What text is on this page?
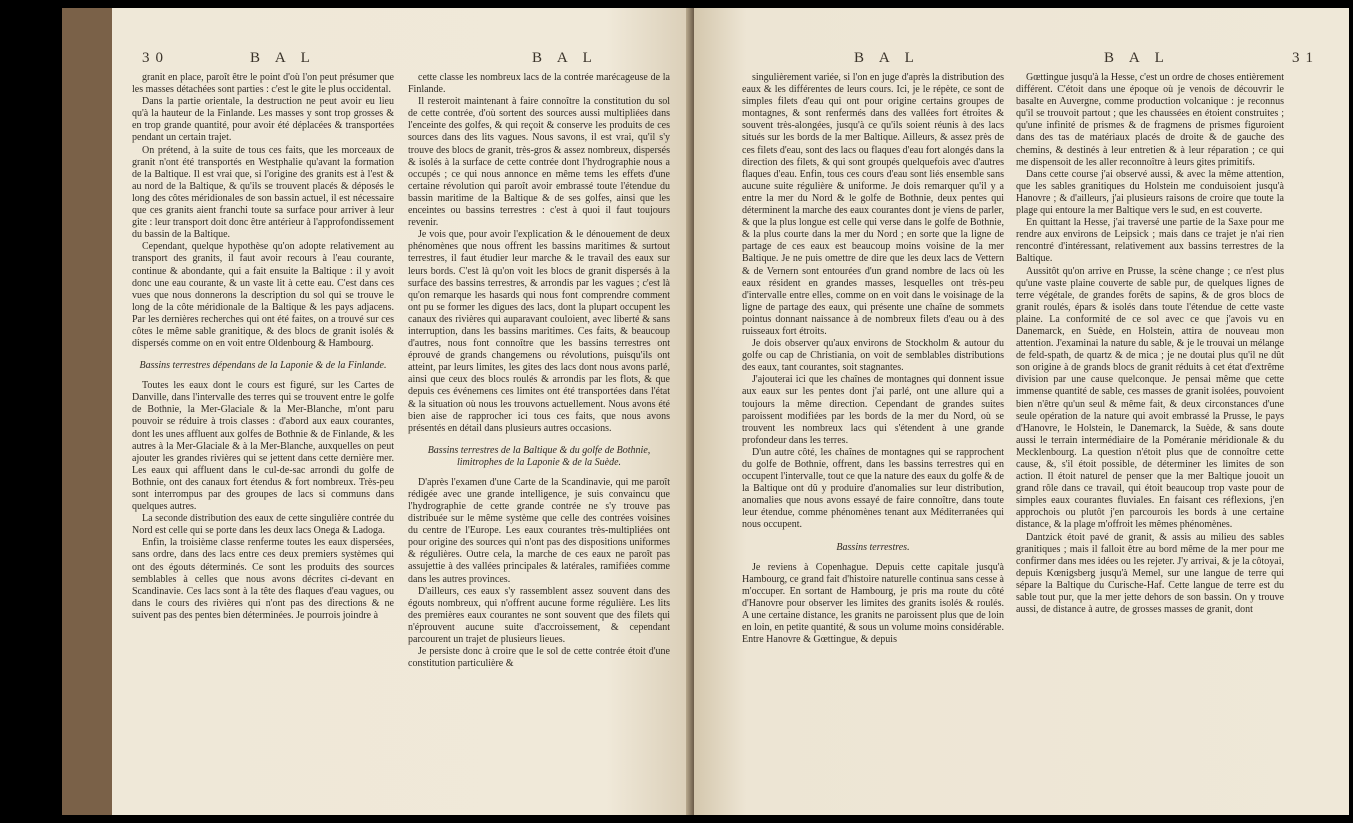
30	B A L	B A L

granit en place, paroît être le point d'où l'on peut présumer que les masses détachées sont parties : c'est le gite le plus occidental.

Dans la partie orientale, la destruction ne peut avoir eu lieu qu'à la hauteur de la Finlande. Les masses y sont trop grosses & en trop grande quantité, pour avoir été déplacées & transportées pendant un certain trajet.

On prétend, à la suite de tous ces faits, que les morceaux de granit n'ont été transportés en Westphalie qu'avant la formation de la Baltique. Il est vrai que, si l'origine des granits est à l'est & au nord de la Baltique, & qu'ils se trouvent placés & déposés le long des côtes méridionales de son bassin actuel, il est nécessaire que ces granits aient franchi toute sa surface pour arriver à leur gite : leur transport doit donc être antérieur à l'approfondissement du bassin de la Baltique.

Cependant, quelque hypothèse qu'on adopte relativement au transport des granits, il faut avoir recours à l'eau courante, continue & abondante, qui a fait ensuite la Baltique : il y avoit donc une eau courante, & un vaste lit à cette eau. C'est dans ces vues que nous donnerons la description du sol qui se trouve le long de la côte méridionale de la Baltique & les pays adjacens. Par les dernières recherches qui ont été faites, on a trouvé sur ces côtes le même sable granitique, & des blocs de granit isolés & dispersés comme on en voit entre Oldenbourg & Hambourg.

Bassins terrestres dépendans de la Laponie & de la Finlande.

Toutes les eaux dont le cours est figuré, sur les Cartes de Danville, dans l'intervalle des terres qui se trouvent entre le golfe de Bothnie, la Mer-Glaciale & la Mer-Blanche, m'ont paru pouvoir se réduire à trois classes : d'abord aux eaux courantes, dont les unes affluent aux golfes de Bothnie & de Finlande, & les autres à la Mer-Glaciale & à la Mer-Blanche, auxquelles on peut ajouter les grandes rivières qui se jettent dans cette dernière mer. Les eaux qui affluent dans le cul-de-sac arrondi du golfe de Bothnie, ont des canaux fort étendus & fort nombreux. Très-peu sont interrompus par des groupes de lacs si communs dans quelques autres.

La seconde distribution des eaux de cette singulière contrée du Nord est celle qui se porte dans les deux lacs Onega & Ladoga.

Enfin, la troisième classe renferme toutes les eaux dispersées, sans ordre, dans des lacs entre ces deux premiers systèmes qui ont des égouts déterminés. Ce sont les produits des sources semblables à celles que nous avons décrites ci-devant en Scandinavie. Ces lacs sont à la tête des flaques d'eau vagues, ou dans le cours des rivières qui n'ont pas des directions & ne suivent pas des pentes bien déterminées. Je pourrois joindre à

cette classe les nombreux lacs de la contrée marécageuse de la Finlande.

Il resteroit maintenant à faire connoître la constitution du sol de cette contrée, d'où sortent des sources aussi multipliées dans l'enceinte des golfes, & qui reçoit & conserve les produits de ces sources dans des lits vagues. Nous savons, il est vrai, qu'il s'y trouve des blocs de granit, très-gros & assez nombreux, dispersés & isolés à la surface de cette contrée dont l'hydrographie nous a occupés ; ce qui nous annonce en même tems les effets d'une certaine révolution qui paroît avoir embrassé toute l'étendue du bassin maritime de la Baltique & de ses golfes, ainsi que les enceintes ou bassins terrestres : c'est à quoi il faut toujours revenir.

Je vois que, pour avoir l'explication & le dénouement de deux phénomènes que nous offrent les bassins maritimes & surtout terrestres, il faut étudier leur marche & le travail des eaux sur leurs bords. C'est là qu'on voit les blocs de granit dispersés à la surface des bassins terrestres, & arrondis par les vagues ; c'est là qu'on remarque les hasards qui nous font comprendre comment ont pu se former les digues des lacs, dont la plupart occupent les canaux des rivières qui auparavant couloient, avec liberté & sans interruption, dans les bassins maritimes. Ces faits, & beaucoup d'autres, nous font connoître que les bassins terrestres ont éprouvé de grands changemens ou révolutions, puisqu'ils ont atteint, par leurs limites, les gites des lacs dont nous avons parlé, ainsi que ceux des blocs roulés & arrondis par les flots, & que depuis ces événemens ces limites ont été transportées dans l'état & la situation où nous les trouvons actuellement. Nous avons été bien aise de rapprocher ici tous ces faits, que nous avons présentés en détail dans plusieurs autres occasions.

Bassins terrestres de la Baltique & du golfe de Bothnie, limitrophes de la Laponie & de la Suède.

D'après l'examen d'une Carte de la Scandinavie, qui me paroît rédigée avec une grande intelligence, je suis convaincu que l'hydrographie de cette grande contrée ne s'y trouve pas distribuée sur le même système que celle des contrées voisines du centre de l'Europe. Les eaux courantes très-multipliées ont pour origine des sources qui n'ont pas des dispositions uniformes & régulières. Outre cela, la marche de ces eaux ne paroît pas assujettie à des vallées principales & latérales, ramifiées comme dans les autres provinces.

D'ailleurs, ces eaux s'y rassemblent assez souvent dans des égouts nombreux, qui n'offrent aucune forme régulière. Les lits des premières eaux courantes ne sont souvent que des filets qui n'éprouvent aucune suite d'accroissement, & cependant parcourent un trajet de plusieurs lieues.

Je persiste donc à croire que le sol de cette contrée étoit d'une constitution particulière &

B A L	B A L	31

singulièrement variée, si l'on en juge d'après la distribution des eaux & les différentes de leurs cours. Ici, je le répète, ce sont de simples filets d'eau qui ont pour origine certains groupes de montagnes, & sont renfermés dans des vallées fort étroites & souvent très-alongées, jusqu'à ce qu'ils soient réunis à des lacs situés sur les bords de la mer Baltique. Ailleurs, & assez près de ces filets d'eau, sont des lacs ou flaques d'eau fort alongés dans la direction des filets, & qui sont groupés quelquefois avec d'autres flaques d'eau. Enfin, tous ces cours d'eau sont liés ensemble sans aucune suite régulière & uniforme. Je dois remarquer qu'il y a entre la mer du Nord & le golfe de Bothnie, deux pentes qui déterminent la marche des eaux courantes dont je viens de parler, & que la plus longue est celle qui verse dans le golfe de Bothnie, & la plus courte dans la mer du Nord ; en sorte que la ligne de partage de ces eaux est beaucoup moins voisine de la mer Baltique. Je ne puis omettre de dire que les deux lacs de Vettern & de Vernern sont entourées d'un grand nombre de lacs où les eaux résident en grandes masses, lesquelles ont très-peu d'intervalle entre elles, comme on en voit dans le voisinage de la ligne de partage des eaux, qui présente une chaîne de sommets pointus donnant naissance à de nombreux filets d'eau ou à des ruisseaux fort étroits.

Je dois observer qu'aux environs de Stockholm & autour du golfe ou cap de Christiania, on voit de semblables distributions des eaux, tant courantes, soit stagnantes.

J'ajouterai ici que les chaînes de montagnes qui donnent issue aux eaux sur les pentes dont j'ai parlé, ont une allure qui a toujours la même direction. Cependant de grandes suites paroissent modifiées par les bords de la mer du Nord, où se trouvent les nombreux lacs qui s'étendent à une grande profondeur dans les terres.

D'un autre côté, les chaînes de montagnes qui se rapprochent du golfe de Bothnie, offrent, dans les bassins terrestres qui en occupent l'intervalle, tout ce que la nature des eaux du golfe & de la Baltique ont dû y produire d'anomalies sur leur distribution, anomalies que nous avons essayé de faire connoître, dans toute leur étendue, comme phénomènes tenant aux Méditerranées qui nous occupent.

Bassins terrestres.

Je reviens à Copenhague. Depuis cette capitale jusqu'à Hambourg, ce grand fait d'histoire naturelle continua sans cesse à m'occuper. En sortant de Hambourg, je pris ma route du côté d'Hanovre pour observer les limites des granits isolés & roulés. A une certaine distance, les granits ne paroissent plus que de loin en loin, en petite quantité, & sous un volume moins considérable. Entre Hanovre & Gœttingue, & depuis

Gœttingue jusqu'à la Hesse, c'est un ordre de choses entièrement différent. C'étoit dans une époque où je venois de découvrir le basalte en Auvergne, comme production volcanique : je reconnus qu'il se trouvoit partout ; que les chaussées en étoient construites ; qu'une infinité de prismes & de fragmens de prismes figuroient dans des tas de matériaux placés de droite & de gauche des chemins, & destinés à leur entretien & à leur réparation ; ce qui me dispensoit de les aller reconnoître à leurs gites primitifs.

Dans cette course j'ai observé aussi, & avec la même attention, que les sables granitiques du Holstein me conduisoient jusqu'à Hanovre ; & d'ailleurs, j'ai plusieurs raisons de croire que toute la plage qui entoure la mer Baltique vers le sud, en est couverte.

En quittant la Hesse, j'ai traversé une partie de la Saxe pour me rendre aux environs de Leipsick ; mais dans ce trajet je n'ai rien rencontré d'intéressant, relativement aux bassins terrestres de la Baltique.

Aussitôt qu'on arrive en Prusse, la scène change ; ce n'est plus qu'une vaste plaine couverte de sable pur, de quelques lignes de terre végétale, de grandes forêts de sapins, & de gros blocs de granit roulés, épars & isolés dans toute l'étendue de cette vaste plaine. La conformité de ce sol avec ce que j'avois vu en Danemarck, en Suède, en Holstein, attira de nouveau mon attention. J'examinai la nature du sable, & je le trouvai un mélange de feld-spath, de quartz & de mica ; je ne doutai plus qu'il ne dût son origine à de grands blocs de granit réduits à cet état d'extrême division par une cause quelconque. Je pensai même que cette immense quantité de sable, ces masses de granit isolées, pouvoient bien n'être qu'un seul & même fait, & deux circonstances d'une seule opération de la nature qui avoit embrassé la Prusse, le pays d'Hanovre, le Holstein, le Danemarck, la Suède, & sans doute aussi le terrain intermédiaire de la Poméranie méridionale & du Mecklenbourg. La question n'étoit plus que de connoître cette cause, &, s'il étoit possible, de déterminer les limites de son action. Il étoit naturel de penser que la mer Baltique jouoit un grand rôle dans ce travail, qui étoit beaucoup trop vaste pour de simples eaux courantes fluviales. En faisant ces réflexions, j'en approchois ou plutôt j'en parcourois les bords à une certaine distance, & la plage m'offroit les mêmes phénomènes.

Dantzick étoit pavé de granit, & assis au milieu des sables granitiques ; mais il falloit être au bord même de la mer pour me confirmer dans mes idées ou les rejeter. J'y arrivai, & je la côtoyai, depuis Kœnigsberg jusqu'à Memel, sur une langue de terre qui sépare la Baltique du Curische-Haf. Cette langue de terre est du sable tout pur, que la mer jette dehors de son bassin. On y trouve aussi, de distance à autre, de grosses masses de granit, dont
